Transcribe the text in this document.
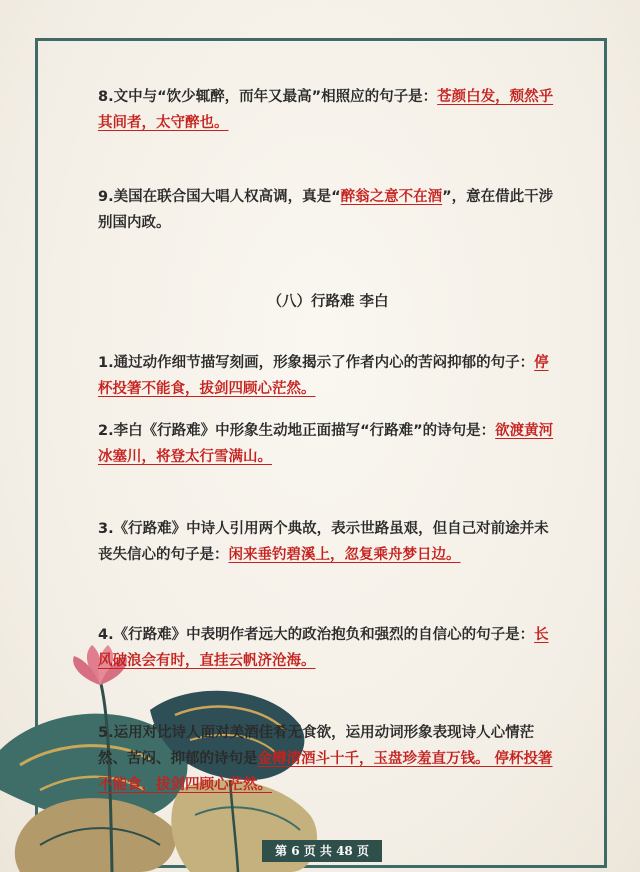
8.文中与“饮少辄醉，而年又最高”相照应的句子是：苍颜白发，颓然乎其间者，太守醉也。
9.美国在联合国大唱人权高调，真是“醉翁之意不在酒”，意在借此干涉别国内政。
（八）行路难 李白
1.通过动作细节描写刻画，形象揭示了作者内心的苦闷抑郁的句子：停杯投箸不能食，拔剑四顾心茫然。
2.李白《行路难》中形象生动地正面描写“行路难”的诗句是：欲渡黄河冰塞川，将登太行雪满山。
3.《行路难》中诗人引用两个典故，表示世路虽艰，但自己对前途并未丧失信心的句子是：闲来垂钓碧溪上，忽复乘舟梦日边。
4.《行路难》中表明作者远大的政治抱负和强烈的自信心的句子是：长风破浪会有时，直挂云帆济沧海。
5.运用对比诗人面对美酒佳肴无食欲，运用动词形象表现诗人心情茫然、苦闷、抑郁的诗句是金樽清酒斗十千，玉盘珍羞直万钱。 停杯投箸不能食，拔剑四顾心茫然。
第 6 页 共 48 页
